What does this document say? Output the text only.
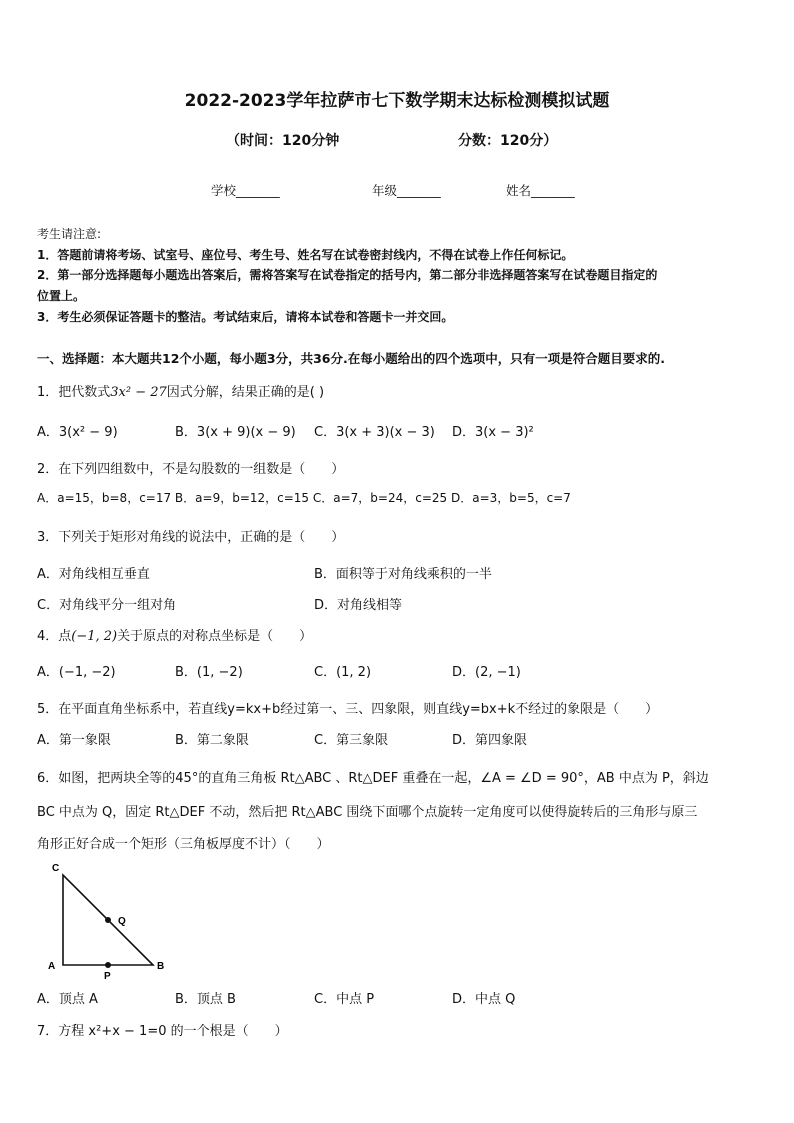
2022-2023学年拉萨市七下数学期末达标检测模拟试题
（时间：120分钟	分数：120分）
学校_______	年级_______	姓名_______
考生请注意:
1．答题前请将考场、试室号、座位号、考生号、姓名写在试卷密封线内，不得在试卷上作任何标记。
2．第一部分选择题每小题选出答案后，需将答案写在试卷指定的括号内，第二部分非选择题答案写在试卷题目指定的
位置上。
3．考生必须保证答题卡的整洁。考试结束后，请将本试卷和答题卡一并交回。
一、选择题：本大题共12个小题，每小题3分，共36分.在每小题给出的四个选项中，只有一项是符合题目要求的.
1．把代数式3x² − 27因式分解，结果正确的是( )
A．3(x² − 9)	B．3(x + 9)(x − 9) C．3(x + 3)(x − 3) D．3(x − 3)²
2．在下列四组数中，不是勾股数的一组数是（　　）
A．a=15，b=8，c=17 B．a=9，b=12，c=15 C．a=7，b=24，c=25 D．a=3，b=5，c=7
3．下列关于矩形对角线的说法中，正确的是（　　）
A．对角线相互垂直	B．面积等于对角线乘积的一半
C．对角线平分一组对角	D．对角线相等
4．点(−1, 2)关于原点的对称点坐标是（　　）
A．(−1, −2)	B．(1, −2)	C．(1, 2)	D．(2, −1)
5．在平面直角坐标系中，若直线y=kx+b经过第一、三、四象限，则直线y=bx+k不经过的象限是（　　）
A．第一象限	B．第二象限	C．第三象限	D．第四象限
6．如图，把两块全等的45°的直角三角板 Rt△ABC 、Rt△DEF 重叠在一起，∠A = ∠D = 90°，AB 中点为 P，斜边
BC 中点为 Q，固定 Rt△DEF 不动，然后把 Rt△ABC 围绕下面哪个点旋转一定角度可以使得旋转后的三角形与原三
角形正好合成一个矩形（三角板厚度不计）（　　）
C
Q
A
P
B
A．顶点 A	B．顶点 B	C．中点 P	D．中点 Q
7．方程 x²+x − 1=0 的一个根是（　　）
